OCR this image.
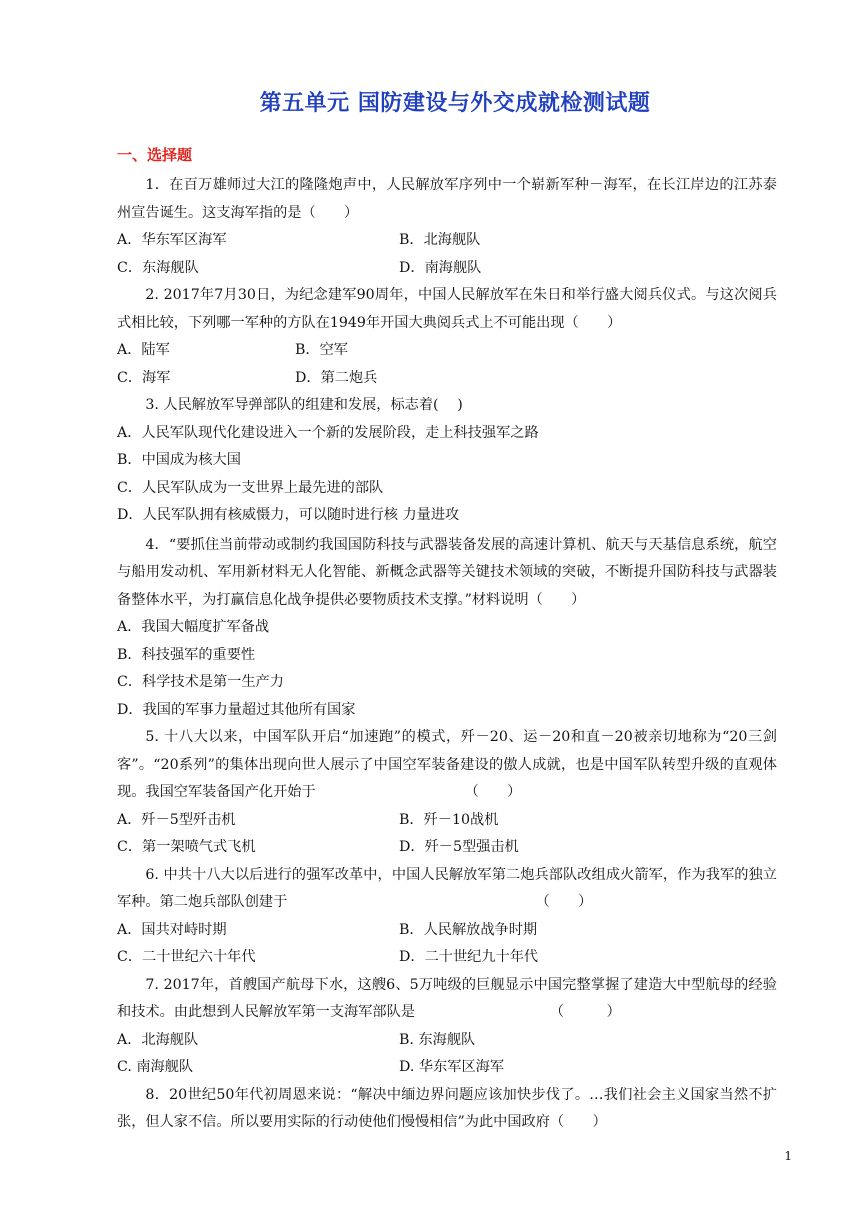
第五单元 国防建设与外交成就检测试题
一、选择题

1．在百万雄师过大江的隆隆炮声中，人民解放军序列中一个崭新军种－海军，在长江岸边的江苏泰州宣告诞生。这支海军指的是（　　）

A．华东军区海军	B．北海舰队
C．东海舰队	D．南海舰队

2. 2017年7月30日，为纪念建军90周年，中国人民解放军在朱日和举行盛大阅兵仪式。与这次阅兵式相比较，下列哪一军种的方队在1949年开国大典阅兵式上不可能出现（　　）

A．陆军	B．空军
C．海军	D．第二炮兵

3. 人民解放军导弹部队的组建和发展，标志着(　 )

A．人民军队现代化建设进入一个新的发展阶段，走上科技强军之路

B．中国成为核大国

C．人民军队成为一支世界上最先进的部队

D．人民军队拥有核威慑力，可以随时进行核 力量进攻

4．“要抓住当前带动或制约我国国防科技与武器装备发展的高速计算机、航天与天基信息系统，航空与船用发动机、军用新材料无人化智能、新概念武器等关键技术领域的突破，不断提升国防科技与武器装备整体水平，为打赢信息化战争提供必要物质技术支撑。”材料说明（　　）

A．我国大幅度扩军备战

B．科技强军的重要性

C．科学技术是第一生产力

D．我国的军事力量超过其他所有国家

5. 十八大以来，中国军队开启“加速跑”的模式，歼－20、运－20和直－20被亲切地称为“20三剑客”。“20系列”的集体出现向世人展示了中国空军装备建设的傲人成就，也是中国军队转型升级的直观体现。我国空军装备国产化开始于　　　　　　　　　　　（　　）

A．歼－5型歼击机	B．歼－10战机
C．第一架喷气式飞机	D．歼－5型强击机

6. 中共十八大以后进行的强军改革中，中国人民解放军第二炮兵部队改组成火箭军，作为我军的独立军种。第二炮兵部队创建于　　　　　　　　　　　　　　　　　　（　　）

A．国共对峙时期	B．人民解放战争时期
C．二十世纪六十年代	D．二十世纪九十年代

7. 2017年，首艘国产航母下水，这艘6、5万吨级的巨舰显示中国完整掌握了建造大中型航母的经验和技术。由此想到人民解放军第一支海军部队是　　　　　　　　　　（　　　）

A．北海舰队	B. 东海舰队
C. 南海舰队	D. 华东军区海军

8．20世纪50年代初周恩来说：“解决中缅边界问题应该加快步伐了。…我们社会主义国家当然不扩张，但人家不信。所以要用实际的行动使他们慢慢相信”为此中国政府（　　）

1
